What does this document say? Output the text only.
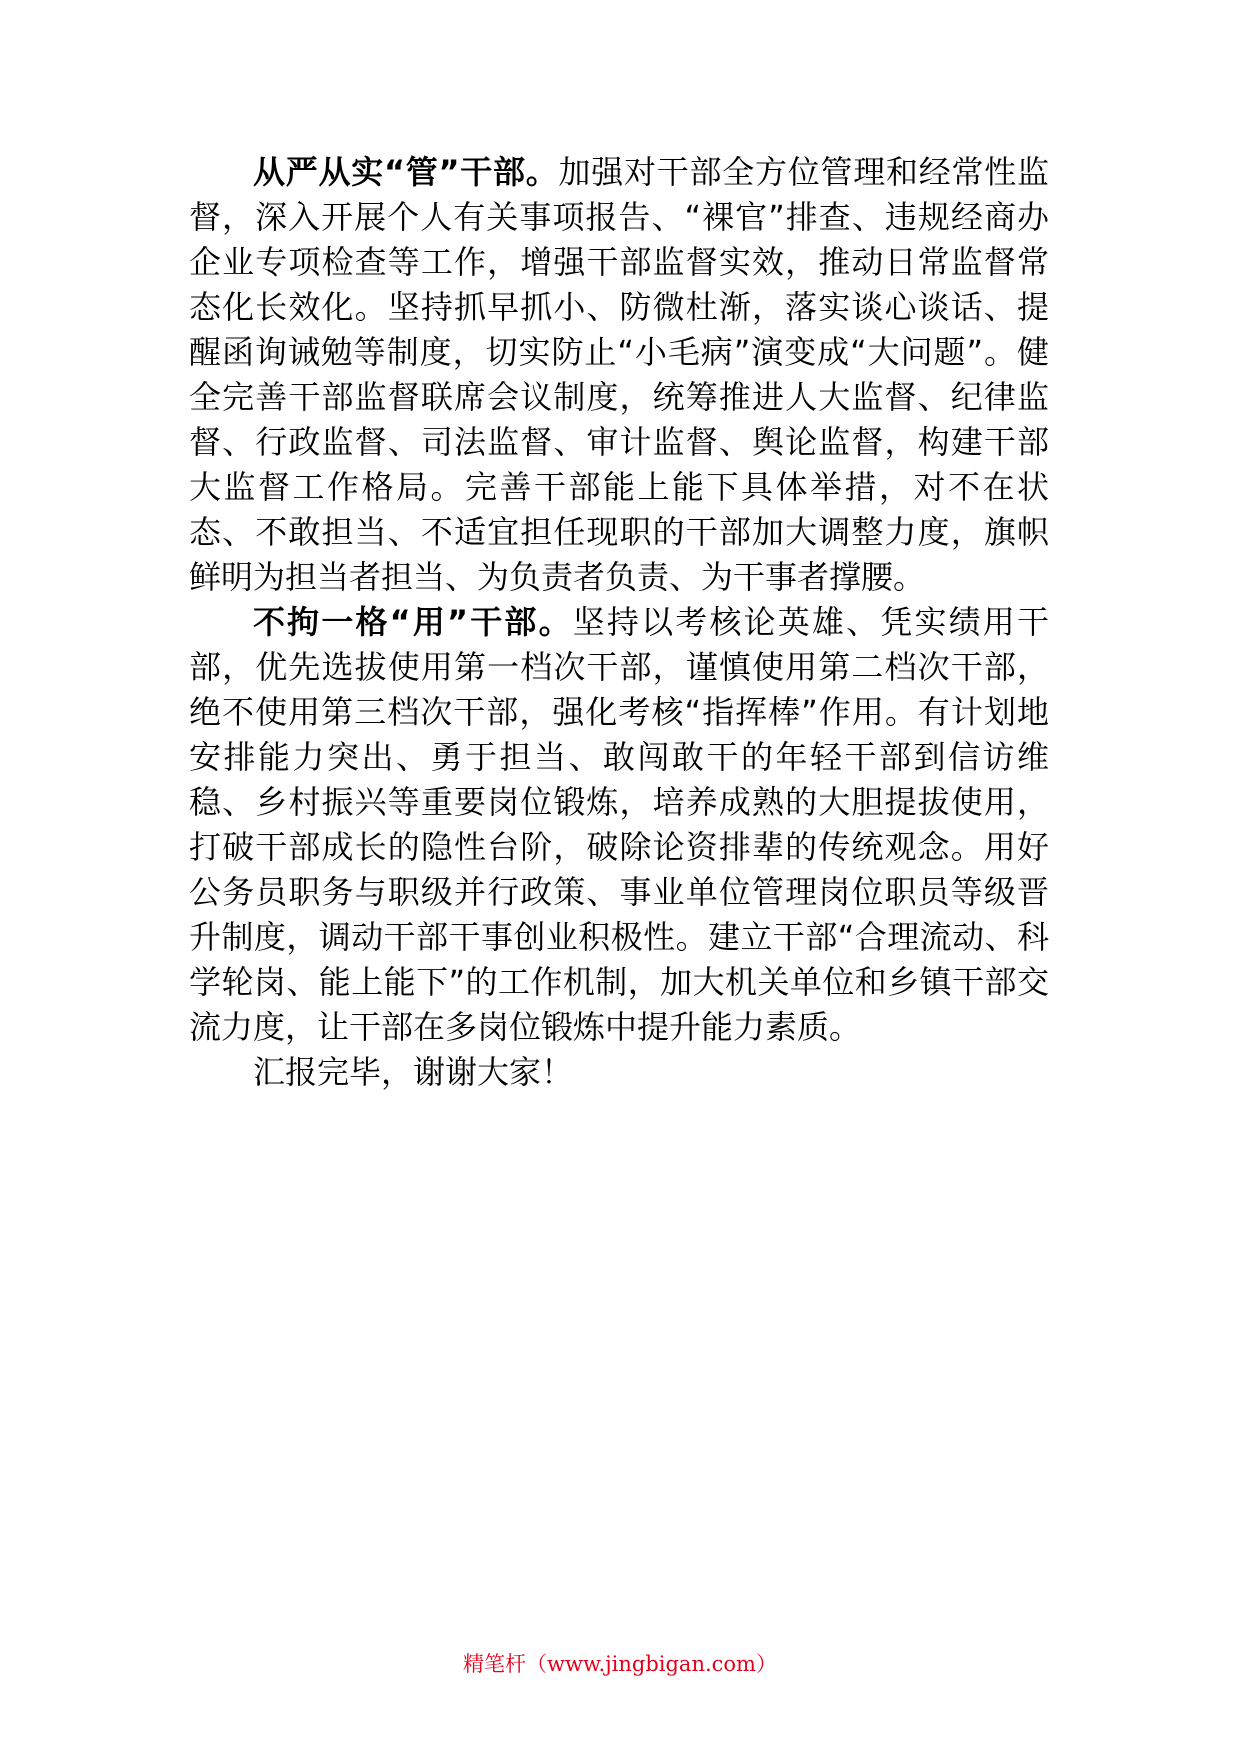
从严从实“管”干部。加强对干部全方位管理和经常性监督，深入开展个人有关事项报告、“裸官”排查、违规经商办企业专项检查等工作，增强干部监督实效，推动日常监督常态化长效化。坚持抓早抓小、防微杜渐，落实谈心谈话、提醒函询诫勉等制度，切实防止“小毛病”演变成“大问题”。健全完善干部监督联席会议制度，统筹推进人大监督、纪律监督、行政监督、司法监督、审计监督、舆论监督，构建干部大监督工作格局。完善干部能上能下具体举措，对不在状态、不敢担当、不适宜担任现职的干部加大调整力度，旗帜鲜明为担当者担当、为负责者负责、为干事者撑腰。

不拘一格“用”干部。坚持以考核论英雄、凭实绩用干部，优先选拔使用第一档次干部，谨慎使用第二档次干部，绝不使用第三档次干部，强化考核“指挥棒”作用。有计划地安排能力突出、勇于担当、敢闯敢干的年轻干部到信访维稳、乡村振兴等重要岗位锻炼，培养成熟的大胆提拔使用，打破干部成长的隐性台阶，破除论资排辈的传统观念。用好公务员职务与职级并行政策、事业单位管理岗位职员等级晋升制度，调动干部干事创业积极性。建立干部“合理流动、科学轮岗、能上能下”的工作机制，加大机关单位和乡镇干部交流力度，让干部在多岗位锻炼中提升能力素质。

汇报完毕，谢谢大家！

精笔杆（www.jingbigan.com）
